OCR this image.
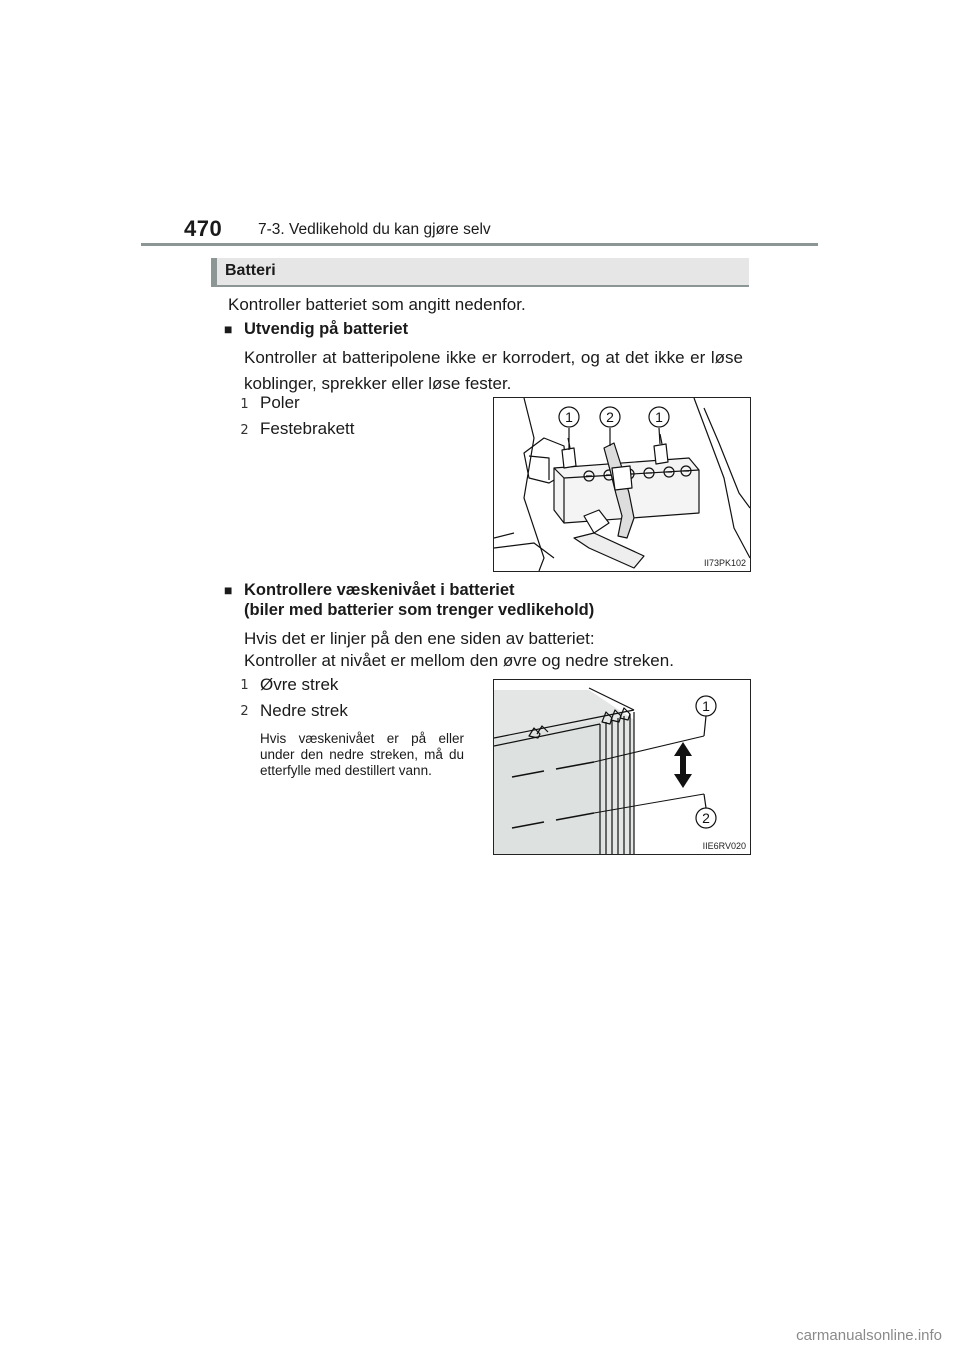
470 7-3. Vedlikehold du kan gjøre selv
Batteri
Kontroller batteriet som angitt nedenfor.
■ Utvendig på batteriet
Kontroller at batteripolene ikke er korrodert, og at det ikke er løse koblinger, sprekker eller løse fester.
1 Poler
2 Festebrakett
1 2	1
II73PK102
■ Kontrollere væskenivået i batteriet
(biler med batterier som trenger vedlikehold)
Hvis det er linjer på den ene siden av batteriet:
Kontroller at nivået er mellom den øvre og nedre streken.
1 Øvre strek
2 Nedre strek
Hvis væskenivået er på eller
under den nedre streken, må du
etterfylle med destillert vann.
1
2
IIE6RV020
carmanualsonline.info
